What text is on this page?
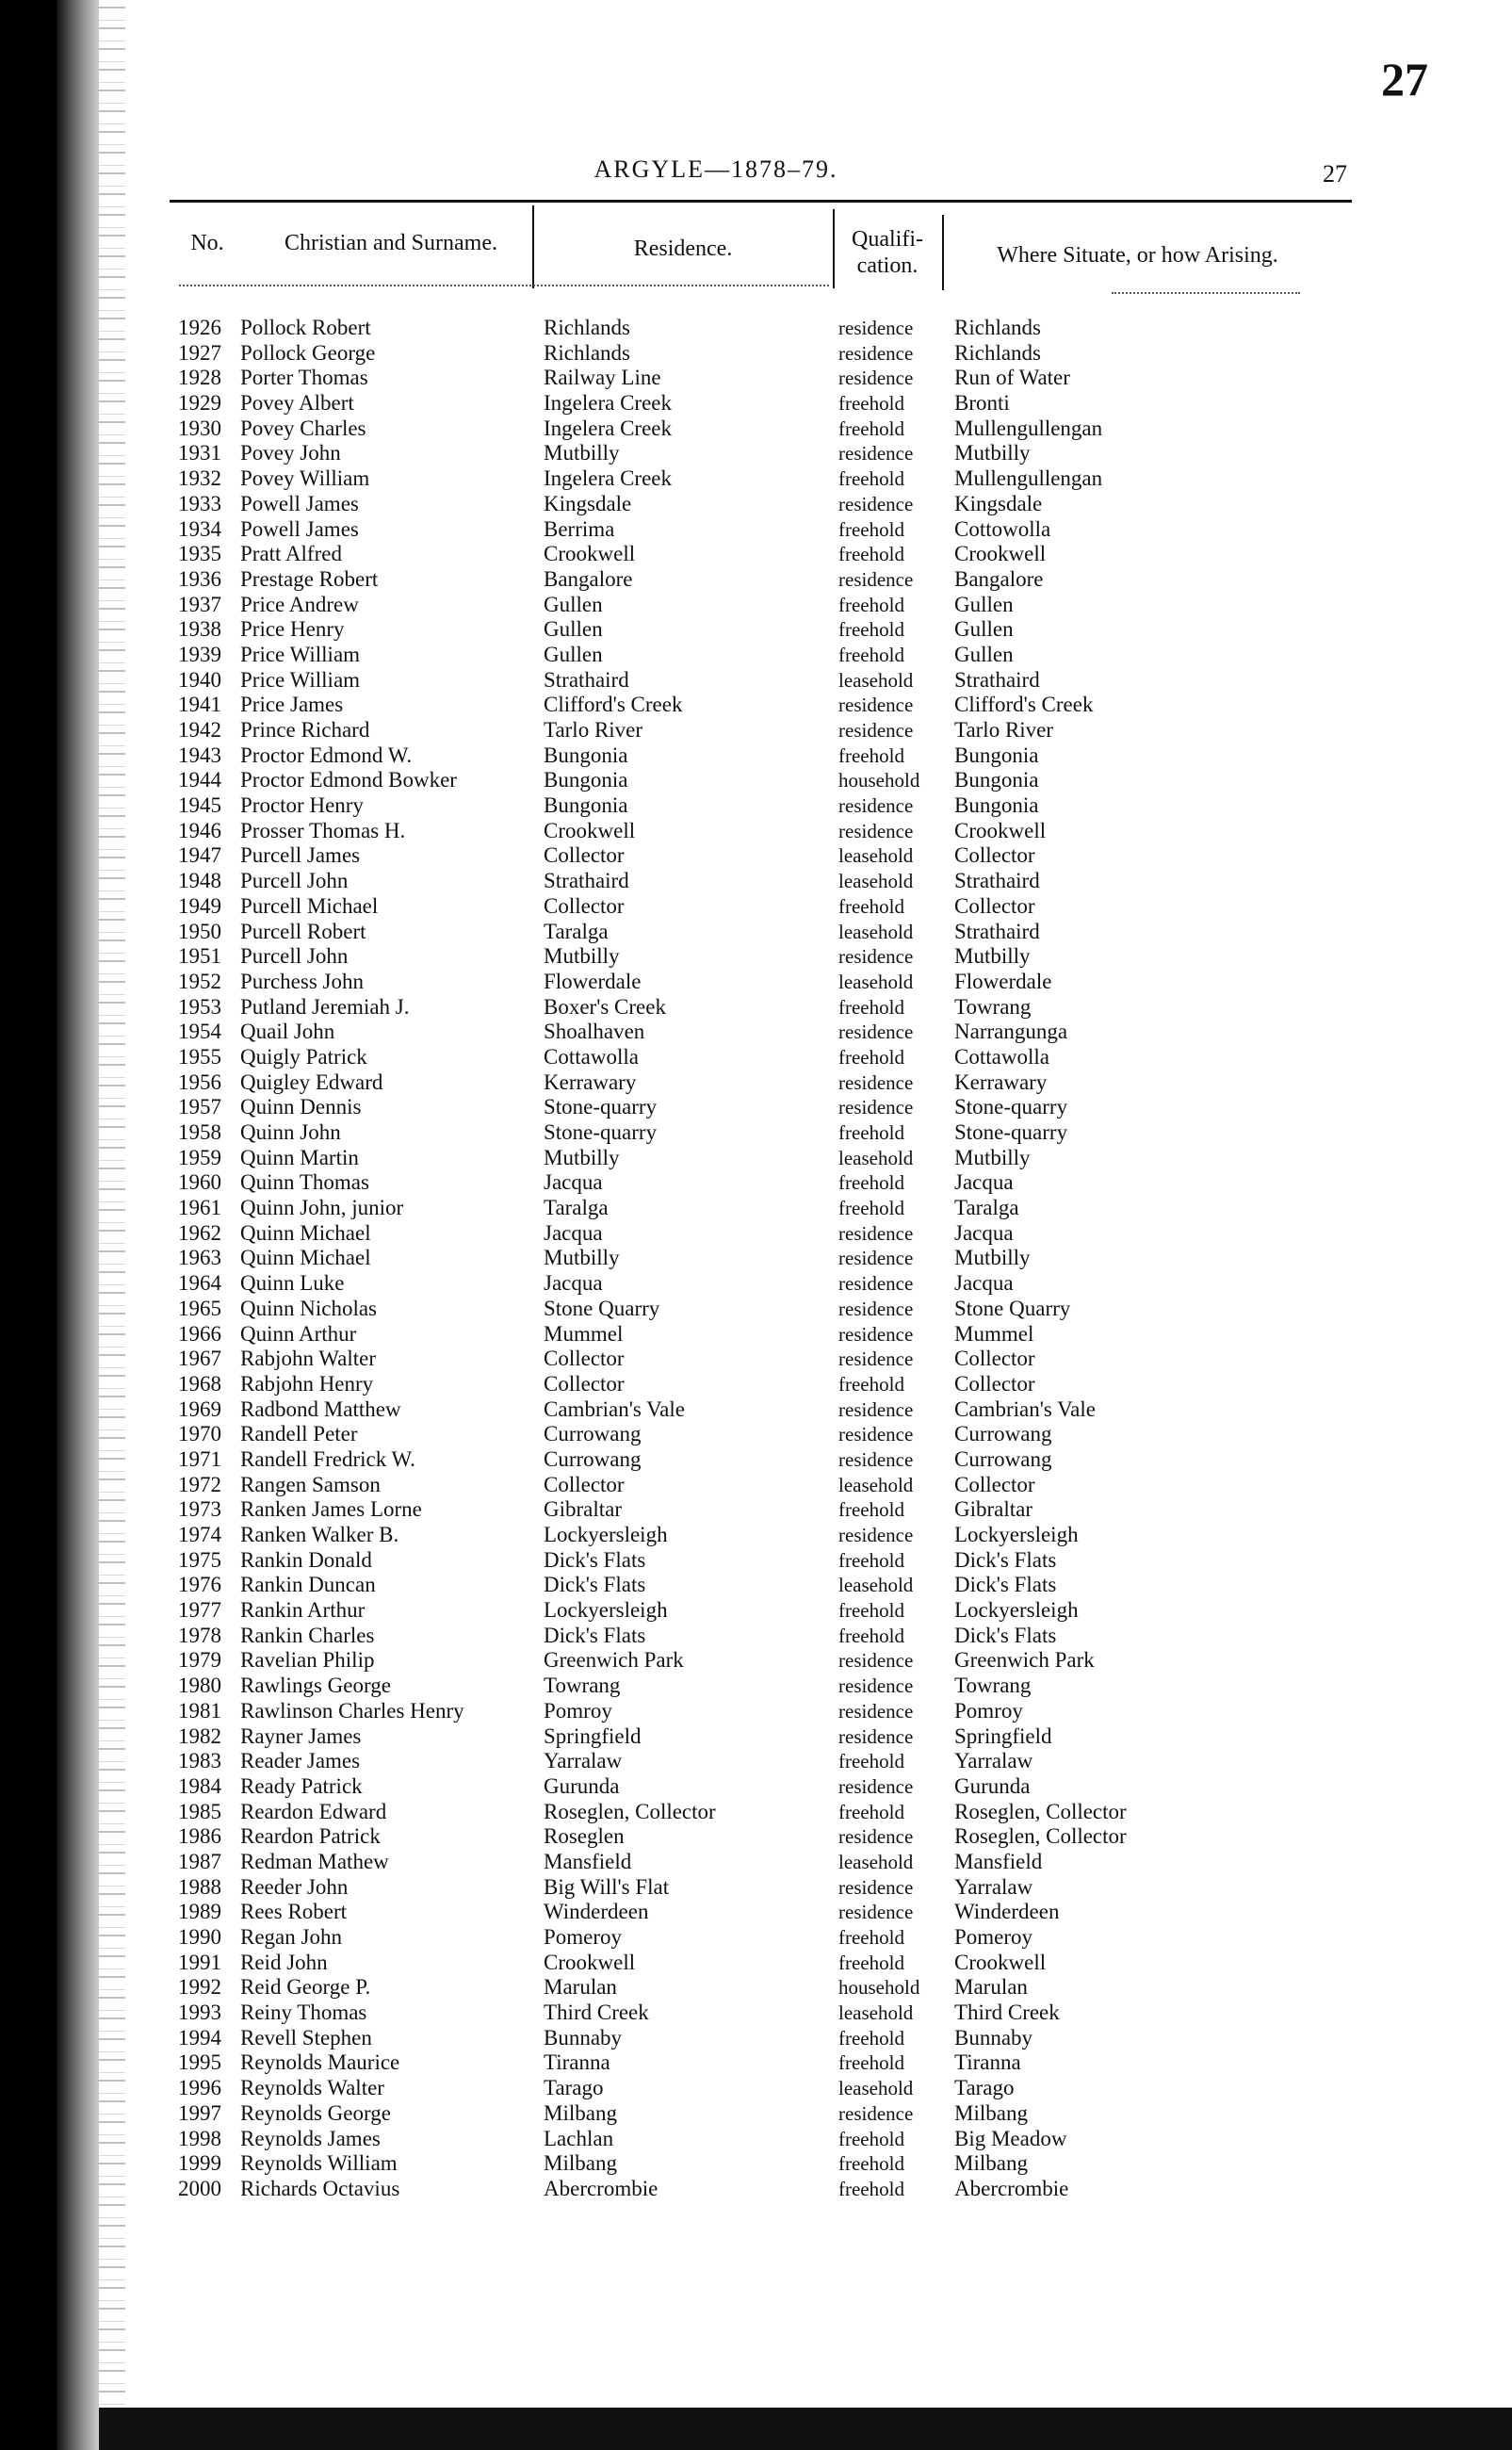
27
ARGYLE—1878–79.	27
No.	Christian and Surname.	Residence.	Qualifi-
cation.	Where Situate, or how Arising.
1926 Pollock Robert	Richlands	residence Richlands
1927 Pollock George	Richlands	residence Richlands
1928 Porter Thomas	Railway Line	residence Run of Water
1929 Povey Albert	Ingelera Creek	freehold Bronti
1930 Povey Charles	Ingelera Creek	freehold Mullengullengan
1931 Povey John	Mutbilly	residence Mutbilly
1932 Povey William	Ingelera Creek	freehold Mullengullengan
1933 Powell James	Kingsdale	residence Kingsdale
1934 Powell James	Berrima	freehold Cottowolla
1935 Pratt Alfred	Crookwell	freehold Crookwell
1936 Prestage Robert	Bangalore	residence Bangalore
1937 Price Andrew	Gullen	freehold Gullen
1938 Price Henry	Gullen	freehold Gullen
1939 Price William	Gullen	freehold Gullen
1940 Price William	Strathaird	leasehold Strathaird
1941 Price James	Clifford's Creek	residence Clifford's Creek
1942 Prince Richard	Tarlo River	residence Tarlo River
1943 Proctor Edmond W.	Bungonia	freehold Bungonia
1944 Proctor Edmond Bowker	Bungonia	household Bungonia
1945 Proctor Henry	Bungonia	residence Bungonia
1946 Prosser Thomas H.	Crookwell	residence Crookwell
1947 Purcell James	Collector	leasehold Collector
1948 Purcell John	Strathaird	leasehold Strathaird
1949 Purcell Michael	Collector	freehold Collector
1950 Purcell Robert	Taralga	leasehold Strathaird
1951 Purcell John	Mutbilly	residence Mutbilly
1952 Purchess John	Flowerdale	leasehold Flowerdale
1953 Putland Jeremiah J.	Boxer's Creek	freehold Towrang
1954 Quail John	Shoalhaven	residence Narrangunga
1955 Quigly Patrick	Cottawolla	freehold Cottawolla
1956 Quigley Edward	Kerrawary	residence Kerrawary
1957 Quinn Dennis	Stone-quarry	residence Stone-quarry
1958 Quinn John	Stone-quarry	freehold Stone-quarry
1959 Quinn Martin	Mutbilly	leasehold Mutbilly
1960 Quinn Thomas	Jacqua	freehold Jacqua
1961 Quinn John, junior	Taralga	freehold Taralga
1962 Quinn Michael	Jacqua	residence Jacqua
1963 Quinn Michael	Mutbilly	residence Mutbilly
1964 Quinn Luke	Jacqua	residence Jacqua
1965 Quinn Nicholas	Stone Quarry	residence Stone Quarry
1966 Quinn Arthur	Mummel	residence Mummel
1967 Rabjohn Walter	Collector	residence Collector
1968 Rabjohn Henry	Collector	freehold Collector
1969 Radbond Matthew	Cambrian's Vale	residence Cambrian's Vale
1970 Randell Peter	Currowang	residence Currowang
1971 Randell Fredrick W.	Currowang	residence Currowang
1972 Rangen Samson	Collector	leasehold Collector
1973 Ranken James Lorne	Gibraltar	freehold Gibraltar
1974 Ranken Walker B.	Lockyersleigh	residence Lockyersleigh
1975 Rankin Donald	Dick's Flats	freehold Dick's Flats
1976 Rankin Duncan	Dick's Flats	leasehold Dick's Flats
1977 Rankin Arthur	Lockyersleigh	freehold Lockyersleigh
1978 Rankin Charles	Dick's Flats	freehold Dick's Flats
1979 Ravelian Philip	Greenwich Park	residence Greenwich Park
1980 Rawlings George	Towrang	residence Towrang
1981 Rawlinson Charles Henry	Pomroy	residence Pomroy
1982 Rayner James	Springfield	residence Springfield
1983 Reader James	Yarralaw	freehold Yarralaw
1984 Ready Patrick	Gurunda	residence Gurunda
1985 Reardon Edward	Roseglen, Collector	freehold Roseglen, Collector
1986 Reardon Patrick	Roseglen	residence Roseglen, Collector
1987 Redman Mathew	Mansfield	leasehold Mansfield
1988 Reeder John	Big Will's Flat	residence Yarralaw
1989 Rees Robert	Winderdeen	residence Winderdeen
1990 Regan John	Pomeroy	freehold Pomeroy
1991 Reid John	Crookwell	freehold Crookwell
1992 Reid George P.	Marulan	household Marulan
1993 Reiny Thomas	Third Creek	leasehold Third Creek
1994 Revell Stephen	Bunnaby	freehold Bunnaby
1995 Reynolds Maurice	Tiranna	freehold Tiranna
1996 Reynolds Walter	Tarago	leasehold Tarago
1997 Reynolds George	Milbang	residence Milbang
1998 Reynolds James	Lachlan	freehold Big Meadow
1999 Reynolds William	Milbang	freehold Milbang
2000 Richards Octavius	Abercrombie	freehold Abercrombie
